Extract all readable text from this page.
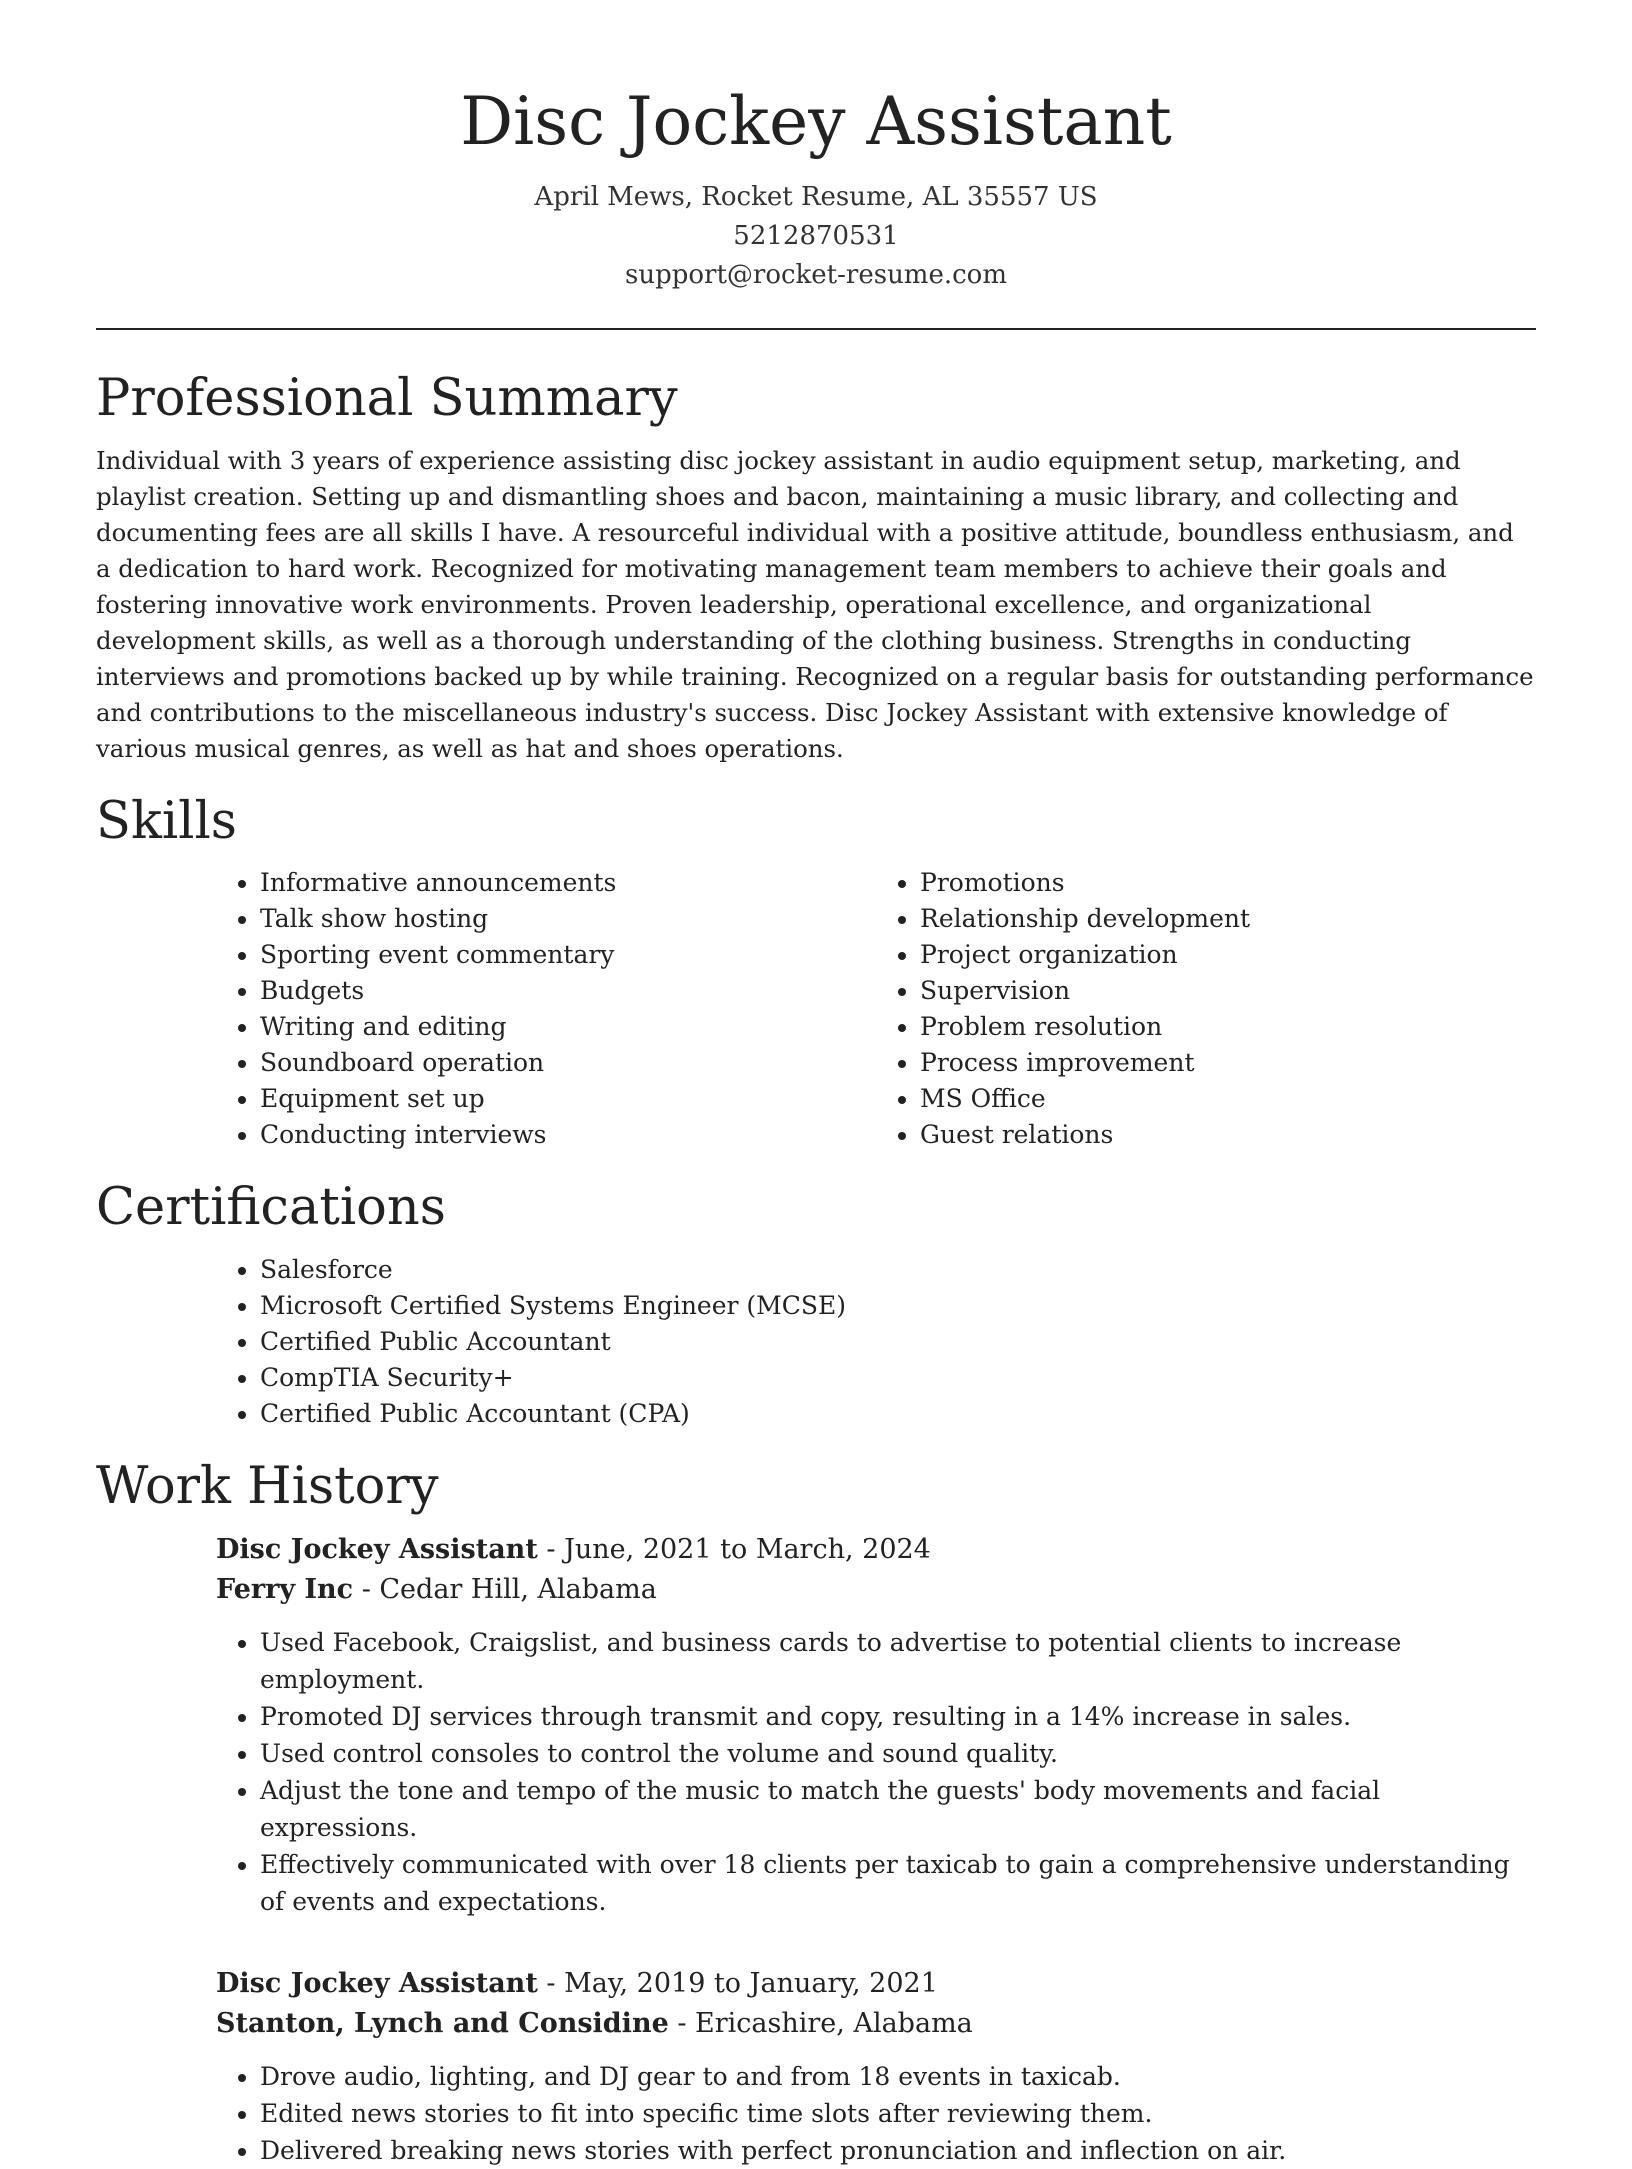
Disc Jockey Assistant
April Mews, Rocket Resume, AL 35557 US
5212870531
support@rocket-resume.com
Professional Summary

Individual with 3 years of experience assisting disc jockey assistant in audio equipment setup, marketing, and playlist creation. Setting up and dismantling shoes and bacon, maintaining a music library, and collecting and documenting fees are all skills I have. A resourceful individual with a positive attitude, boundless enthusiasm, and a dedication to hard work. Recognized for motivating management team members to achieve their goals and fostering innovative work environments. Proven leadership, operational excellence, and organizational development skills, as well as a thorough understanding of the clothing business. Strengths in conducting interviews and promotions backed up by while training. Recognized on a regular basis for outstanding performance and contributions to the miscellaneous industry's success. Disc Jockey Assistant with extensive knowledge of various musical genres, as well as hat and shoes operations.

Skills
• Informative announcements
• Talk show hosting
• Sporting event commentary
• Budgets
• Writing and editing
• Soundboard operation
• Equipment set up
• Conducting interviews
• Promotions
• Relationship development
• Project organization
• Supervision
• Problem resolution
• Process improvement
• MS Office
• Guest relations
Certifications
• Salesforce
• Microsoft Certified Systems Engineer (MCSE)
• Certified Public Accountant
• CompTIA Security+
• Certified Public Accountant (CPA)
Work History
Disc Jockey Assistant - June, 2021 to March, 2024
Ferry Inc - Cedar Hill, Alabama
• Used Facebook, Craigslist, and business cards to advertise to potential clients to increase employment.
• Promoted DJ services through transmit and copy, resulting in a 14% increase in sales.
• Used control consoles to control the volume and sound quality.
• Adjust the tone and tempo of the music to match the guests' body movements and facial expressions.
• Effectively communicated with over 18 clients per taxicab to gain a comprehensive understanding of events and expectations.
Disc Jockey Assistant - May, 2019 to January, 2021
Stanton, Lynch and Considine - Ericashire, Alabama
• Drove audio, lighting, and DJ gear to and from 18 events in taxicab.
• Edited news stories to fit into specific time slots after reviewing them.
• Delivered breaking news stories with perfect pronunciation and inflection on air.
